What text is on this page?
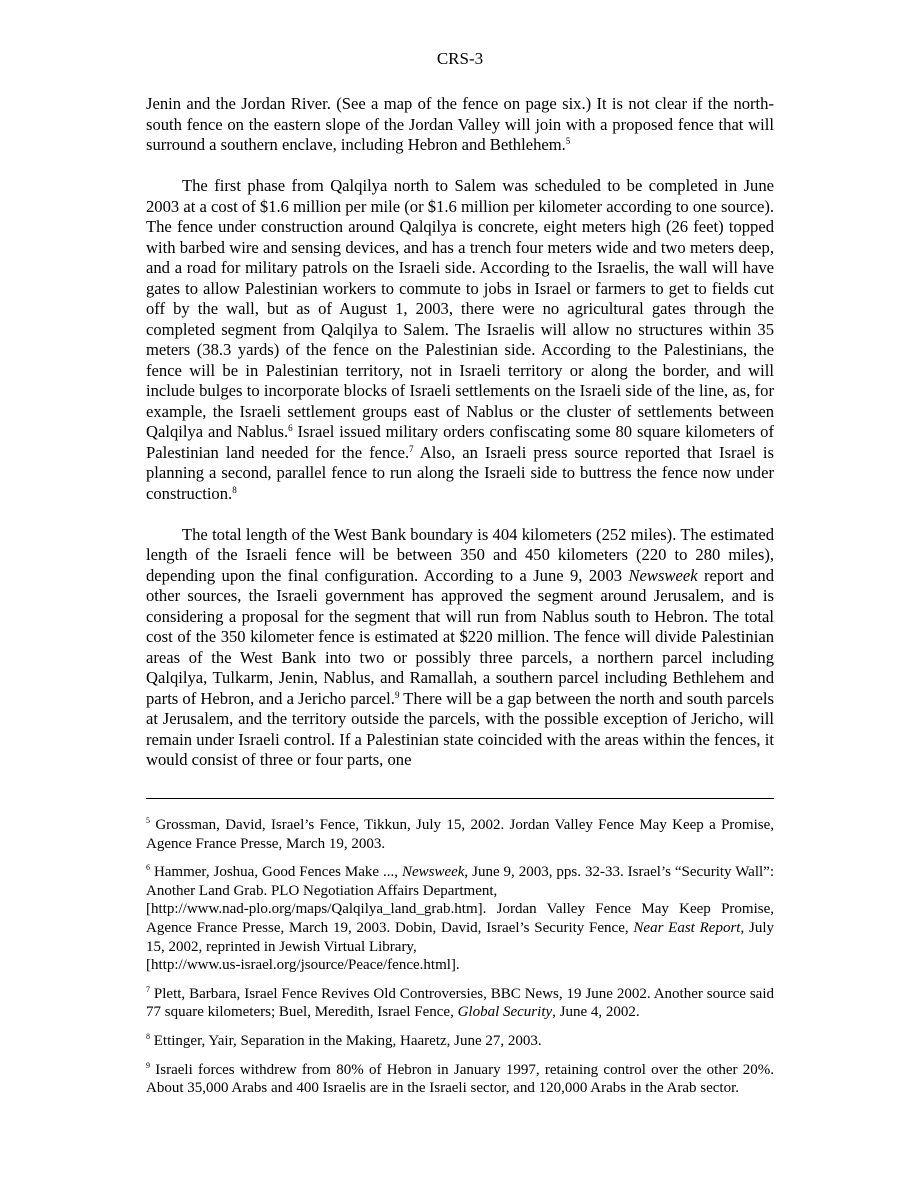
CRS-3

Jenin and the Jordan River. (See a map of the fence on page six.) It is not clear if the north-south fence on the eastern slope of the Jordan Valley will join with a proposed fence that will surround a southern enclave, including Hebron and Bethlehem.$^5$

The first phase from Qalqilya north to Salem was scheduled to be completed in June 2003 at a cost of $1.6 million per mile (or $1.6 million per kilometer according to one source). The fence under construction around Qalqilya is concrete, eight meters high (26 feet) topped with barbed wire and sensing devices, and has a trench four meters wide and two meters deep, and a road for military patrols on the Israeli side. According to the Israelis, the wall will have gates to allow Palestinian workers to commute to jobs in Israel or farmers to get to fields cut off by the wall, but as of August 1, 2003, there were no agricultural gates through the completed segment from Qalqilya to Salem. The Israelis will allow no structures within 35 meters (38.3 yards) of the fence on the Palestinian side. According to the Palestinians, the fence will be in Palestinian territory, not in Israeli territory or along the border, and will include bulges to incorporate blocks of Israeli settlements on the Israeli side of the line, as, for example, the Israeli settlement groups east of Nablus or the cluster of settlements between Qalqilya and Nablus.$^6$ Israel issued military orders confiscating some 80 square kilometers of Palestinian land needed for the fence.$^7$ Also, an Israeli press source reported that Israel is planning a second, parallel fence to run along the Israeli side to buttress the fence now under construction.$^8$

The total length of the West Bank boundary is 404 kilometers (252 miles). The estimated length of the Israeli fence will be between 350 and 450 kilometers (220 to 280 miles), depending upon the final configuration. According to a June 9, 2003 Newsweek report and other sources, the Israeli government has approved the segment around Jerusalem, and is considering a proposal for the segment that will run from Nablus south to Hebron. The total cost of the 350 kilometer fence is estimated at $220 million. The fence will divide Palestinian areas of the West Bank into two or possibly three parcels, a northern parcel including Qalqilya, Tulkarm, Jenin, Nablus, and Ramallah, a southern parcel including Bethlehem and parts of Hebron, and a Jericho parcel.$^9$ There will be a gap between the north and south parcels at Jerusalem, and the territory outside the parcels, with the possible exception of Jericho, will remain under Israeli control. If a Palestinian state coincided with the areas within the fences, it would consist of three or four parts, one

$^5$ Grossman, David, Israel’s Fence, Tikkun, July 15, 2002. Jordan Valley Fence May Keep a Promise, Agence France Presse, March 19, 2003.

$^6$ Hammer, Joshua, Good Fences Make ..., Newsweek, June 9, 2003, pps. 32-33. Israel’s “Security Wall”: Another Land Grab. PLO Negotiation Affairs Department,
[http://www.nad-plo.org/maps/Qalqilya_land_grab.htm]. Jordan Valley Fence May Keep Promise, Agence France Presse, March 19, 2003. Dobin, David, Israel’s Security Fence, Near East Report, July 15, 2002, reprinted in Jewish Virtual Library,
[http://www.us-israel.org/jsource/Peace/fence.html].

$^7$ Plett, Barbara, Israel Fence Revives Old Controversies, BBC News, 19 June 2002. Another source said 77 square kilometers; Buel, Meredith, Israel Fence, Global Security, June 4, 2002.

$^8$ Ettinger, Yair, Separation in the Making, Haaretz, June 27, 2003.

$^9$ Israeli forces withdrew from 80% of Hebron in January 1997, retaining control over the other 20%. About 35,000 Arabs and 400 Israelis are in the Israeli sector, and 120,000 Arabs in the Arab sector.
